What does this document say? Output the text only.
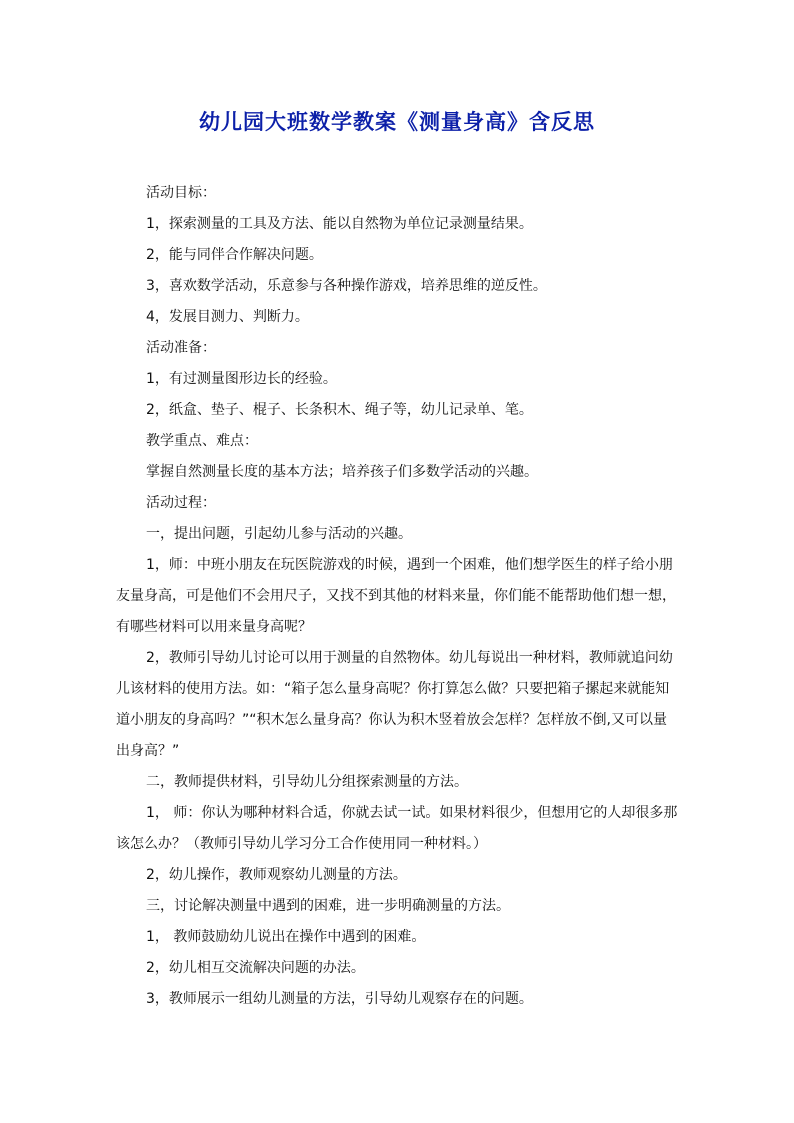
幼儿园大班数学教案《测量身高》含反思

活动目标：

1，探索测量的工具及方法、能以自然物为单位记录测量结果。

2，能与同伴合作解决问题。

3，喜欢数学活动，乐意参与各种操作游戏，培养思维的逆反性。

4，发展目测力、判断力。

活动准备：

1，有过测量图形边长的经验。

2，纸盒、垫子、棍子、长条积木、绳子等，幼儿记录单、笔。

教学重点、难点：

掌握自然测量长度的基本方法；培养孩子们多数学活动的兴趣。

活动过程：

一，提出问题，引起幼儿参与活动的兴趣。

1，师：中班小朋友在玩医院游戏的时候，遇到一个困难，他们想学医生的样子给小朋友量身高，可是他们不会用尺子，又找不到其他的材料来量，你们能不能帮助他们想一想，有哪些材料可以用来量身高呢？

2，教师引导幼儿讨论可以用于测量的自然物体。幼儿每说出一种材料，教师就追问幼儿该材料的使用方法。如：“箱子怎么量身高呢？你打算怎么做？只要把箱子摞起来就能知道小朋友的身高吗？”“积木怎么量身高？你认为积木竖着放会怎样？怎样放不倒,又可以量出身高？”

二，教师提供材料，引导幼儿分组探索测量的方法。

1， 师：你认为哪种材料合适，你就去试一试。如果材料很少，但想用它的人却很多那该怎么办？（教师引导幼儿学习分工合作使用同一种材料。）

2，幼儿操作，教师观察幼儿测量的方法。

三，讨论解决测量中遇到的困难，进一步明确测量的方法。

1， 教师鼓励幼儿说出在操作中遇到的困难。

2，幼儿相互交流解决问题的办法。

3，教师展示一组幼儿测量的方法，引导幼儿观察存在的问题。
